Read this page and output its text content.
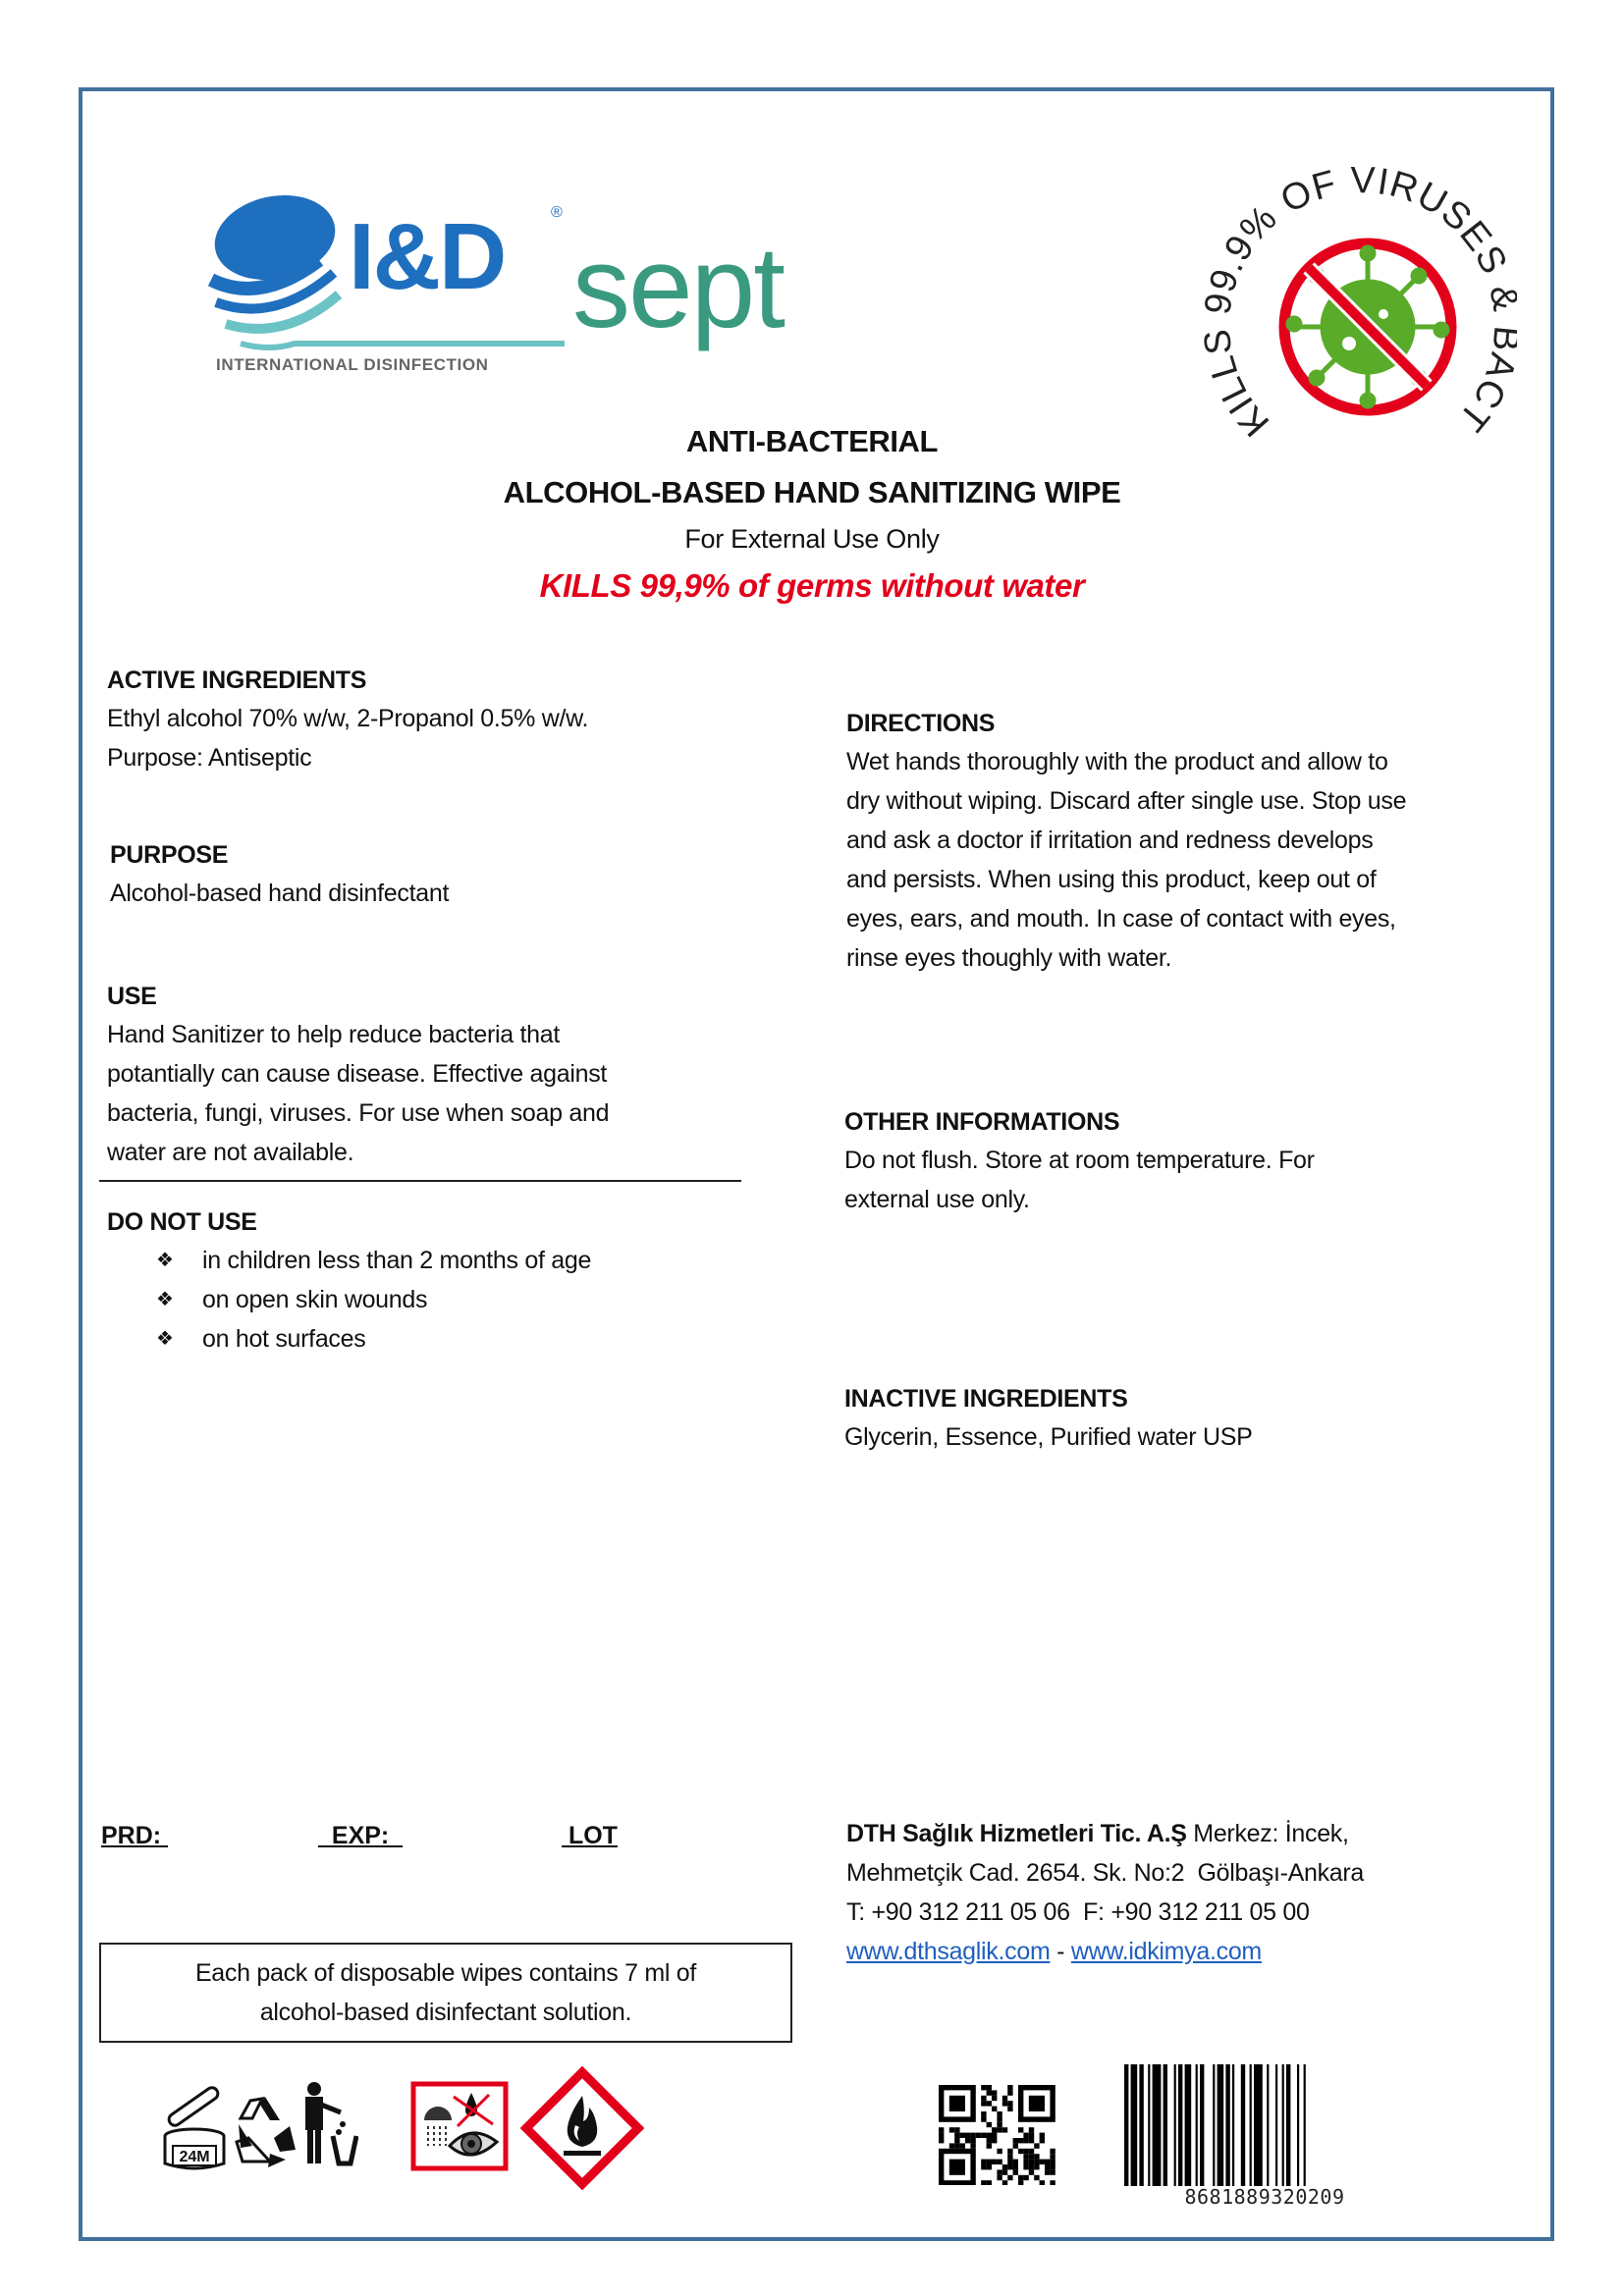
I&D	®
INTERNATIONAL DISINFECTION
sept
KILL 9.9% OF VIRUSES CT
ANTI-BACTERIAL
ALCOHOL-BASED HAND SANITIZING WIPE
For External Use Only
KILLS 99,9% of germs without water
ACTIVE INGREDIENTS
Ethyl alcohol 70% w/w, 2-Propanol 0.5% w/w.
Purpose: Antiseptic
PURPOSE
Alcohol-based hand disinfectant
USE
Hand Sanitizer to help reduce bacteria that
potantially can cause disease. Effective against
bacteria, fungi, viruses. For use when soap and
water are not available.
DO NOT USE
❖ in children less than 2 months of age
❖ on open skin wounds
❖ on hot surfaces
DIRECTIONS
Wet hands thoroughly with the product and allow to
dry without wiping. Discard after single use. Stop use
and ask a doctor if irritation and redness develops
and persists. When using this product, keep out of
eyes, ears, and mouth. In case of contact with eyes,
rinse eyes thoughly with water.
OTHER INFORMATIONS
Do not flush. Store at room temperature. For
external use only.
INACTIVE INGREDIENTS
Glycerin, Essence, Purified water USP
PRD:	EXP:	LOT
Each pack of disposable wipes contains 7 ml of
alcohol-based disinfectant solution.
DTH Sağlık Hizmetleri Tic. A.Ş Merkez: İncek,
Mehmetçik Cad. 2654. Sk. No:2  Gölbaşı-Ankara
T: +90 312 211 05 06  F: +90 312 211 05 00
www.dthsaglik.com - www.idkimya.com
24M
8681889320209
